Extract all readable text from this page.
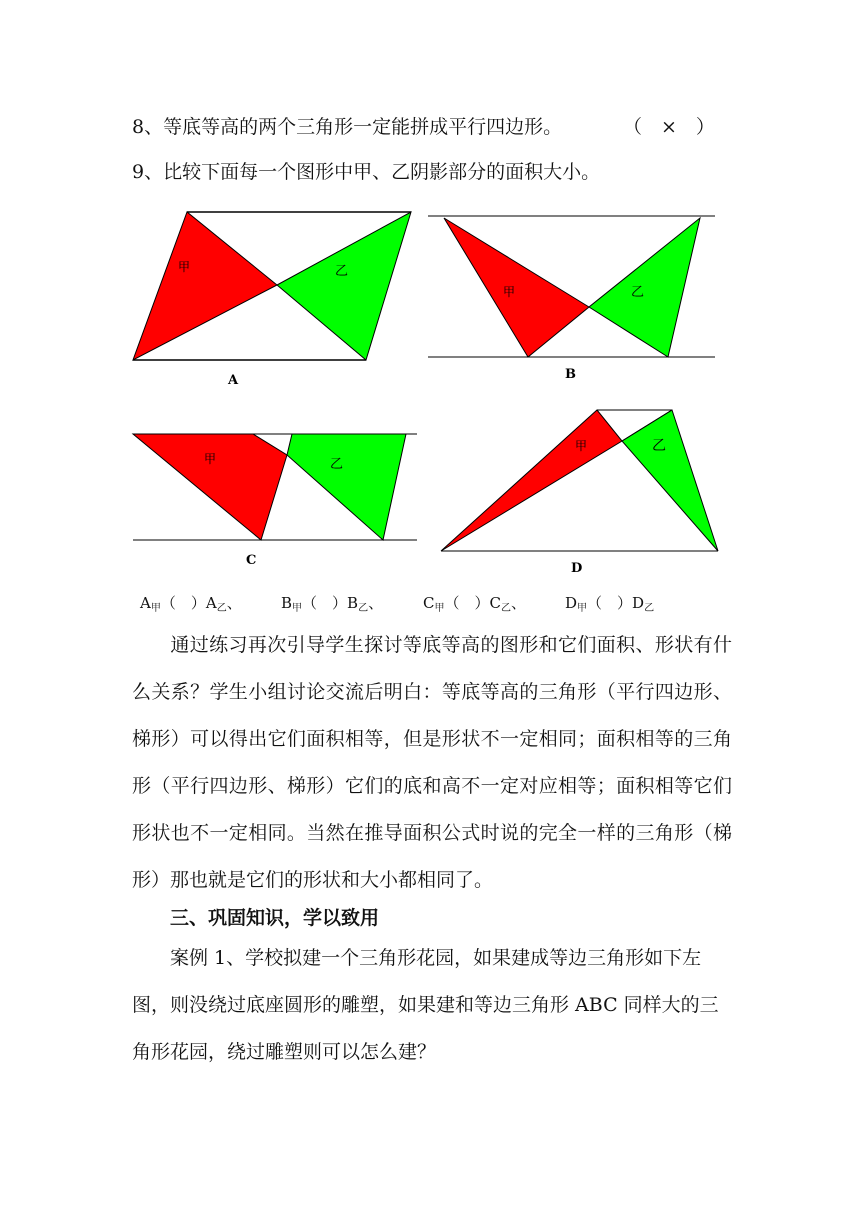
8、等底等高的两个三角形一定能拼成平行四边形。	（　×　）
9、比较下面每一个图形中甲、乙阴影部分的面积大小。
甲	乙
A
甲	乙
B
甲	乙
C
甲	乙
D
$A_甲$（　）$A_乙$、	$B_甲$（　）$B_乙$、	$C_甲$（　）$C_乙$、	$D_甲$（　）$D_乙$
通过练习再次引导学生探讨等底等高的图形和它们面积、形状有什么关系？学生小组讨论交流后明白：等底等高的三角形（平行四边形、梯形）可以得出它们面积相等，但是形状不一定相同；面积相等的三角形（平行四边形、梯形）它们的底和高不一定对应相等；面积相等它们形状也不一定相同。当然在推导面积公式时说的完全一样的三角形（梯形）那也就是它们的形状和大小都相同了。
三、巩固知识，学以致用
案例 1、学校拟建一个三角形花园，如果建成等边三角形如下左图，则没绕过底座圆形的雕塑，如果建和等边三角形 ABC 同样大的三角形花园，绕过雕塑则可以怎么建？
